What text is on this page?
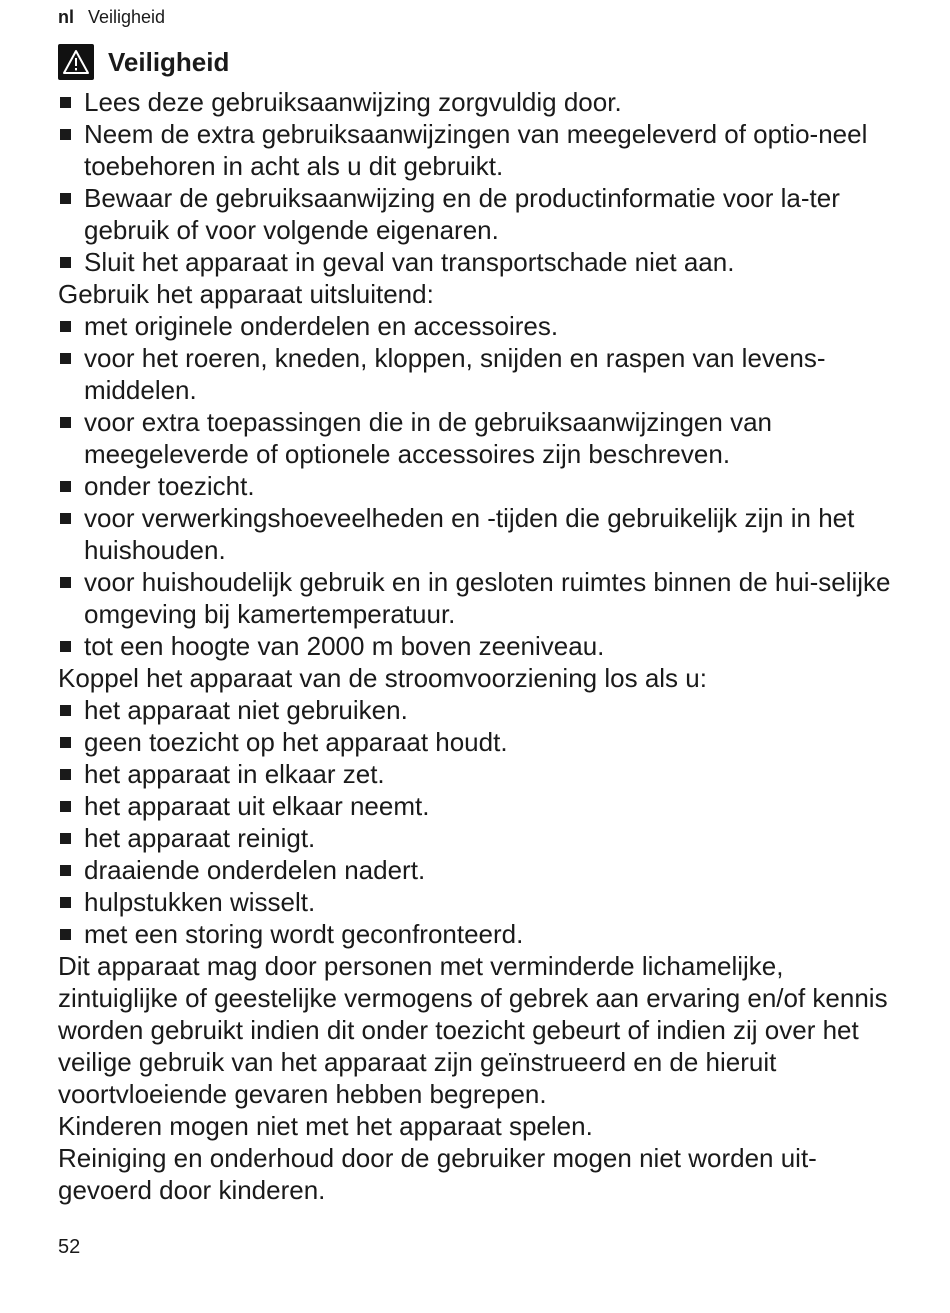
nl Veiligheid
Veiligheid
Lees deze gebruiksaanwijzing zorgvuldig door.
Neem de extra gebruiksaanwijzingen van meegeleverd of optio-neel toebehoren in acht als u dit gebruikt.
Bewaar de gebruiksaanwijzing en de productinformatie voor la-ter gebruik of voor volgende eigenaren.
Sluit het apparaat in geval van transportschade niet aan.

Gebruik het apparaat uitsluitend:

met originele onderdelen en accessoires.
voor het roeren, kneden, kloppen, snijden en raspen van levens-middelen.
voor extra toepassingen die in de gebruiksaanwijzingen van meegeleverde of optionele accessoires zijn beschreven.
onder toezicht.
voor verwerkingshoeveelheden en -tijden die gebruikelijk zijn in het huishouden.
voor huishoudelijk gebruik en in gesloten ruimtes binnen de hui-selijke omgeving bij kamertemperatuur.
tot een hoogte van 2000 m boven zeeniveau.

Koppel het apparaat van de stroomvoorziening los als u:

het apparaat niet gebruiken.
geen toezicht op het apparaat houdt.
het apparaat in elkaar zet.
het apparaat uit elkaar neemt.
het apparaat reinigt.
draaiende onderdelen nadert.
hulpstukken wisselt.
met een storing wordt geconfronteerd.

Dit apparaat mag door personen met verminderde lichamelijke, zintuiglijke of geestelijke vermogens of gebrek aan ervaring en/of kennis worden gebruikt indien dit onder toezicht gebeurt of indien zij over het veilige gebruik van het apparaat zijn geïnstrueerd en de hieruit voortvloeiende gevaren hebben begrepen.

Kinderen mogen niet met het apparaat spelen.

Reiniging en onderhoud door de gebruiker mogen niet worden uit-gevoerd door kinderen.

52
